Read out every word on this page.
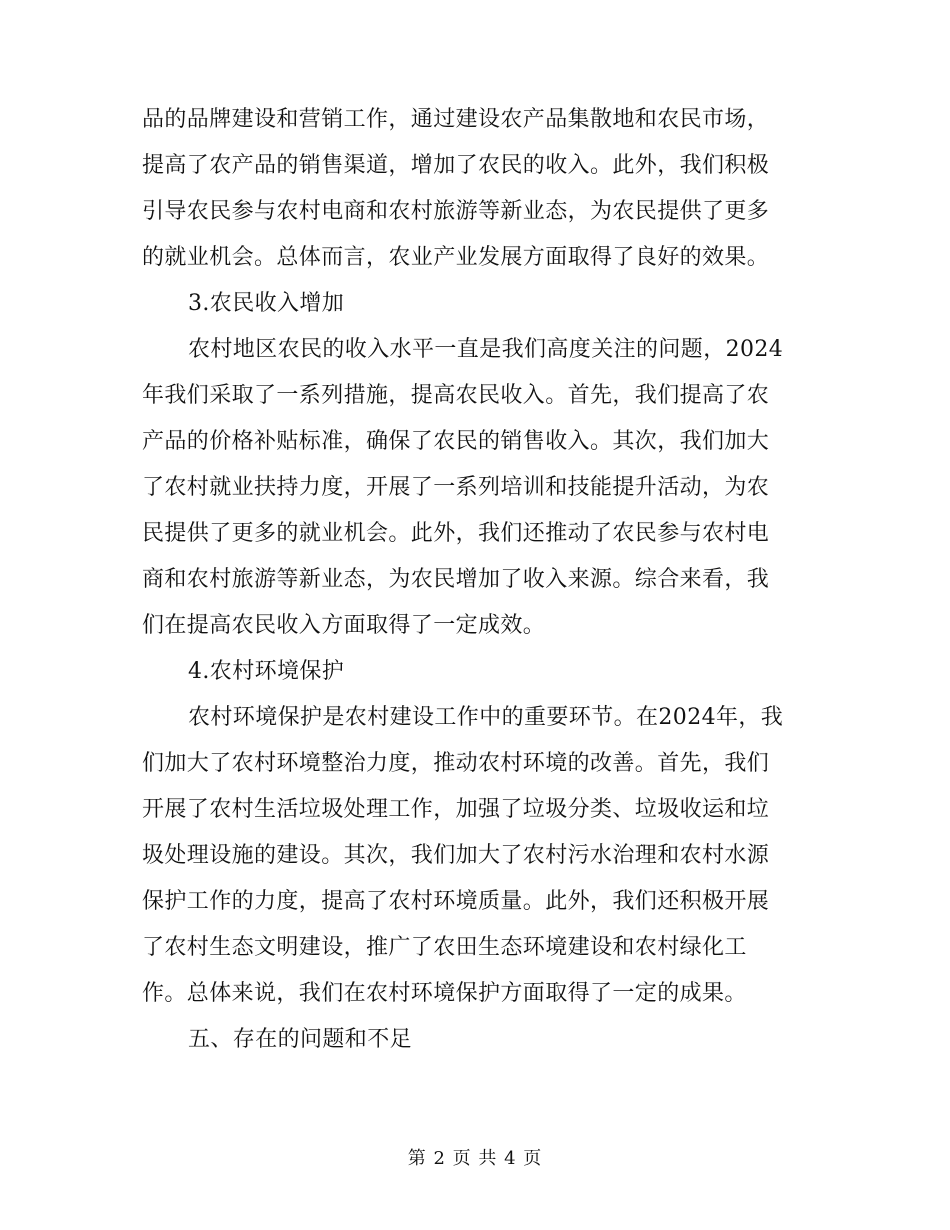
品的品牌建设和营销工作，通过建设农产品集散地和农民市场，
提高了农产品的销售渠道，增加了农民的收入。此外，我们积极
引导农民参与农村电商和农村旅游等新业态，为农民提供了更多
的就业机会。总体而言，农业产业发展方面取得了良好的效果。
3.农民收入增加
农村地区农民的收入水平一直是我们高度关注的问题，2024
年我们采取了一系列措施，提高农民收入。首先，我们提高了农
产品的价格补贴标准，确保了农民的销售收入。其次，我们加大
了农村就业扶持力度，开展了一系列培训和技能提升活动，为农
民提供了更多的就业机会。此外，我们还推动了农民参与农村电
商和农村旅游等新业态，为农民增加了收入来源。综合来看，我
们在提高农民收入方面取得了一定成效。
4.农村环境保护
农村环境保护是农村建设工作中的重要环节。在2024年，我
们加大了农村环境整治力度，推动农村环境的改善。首先，我们
开展了农村生活垃圾处理工作，加强了垃圾分类、垃圾收运和垃
圾处理设施的建设。其次，我们加大了农村污水治理和农村水源
保护工作的力度，提高了农村环境质量。此外，我们还积极开展
了农村生态文明建设，推广了农田生态环境建设和农村绿化工
作。总体来说，我们在农村环境保护方面取得了一定的成果。
五、存在的问题和不足
第 2 页 共 4 页
